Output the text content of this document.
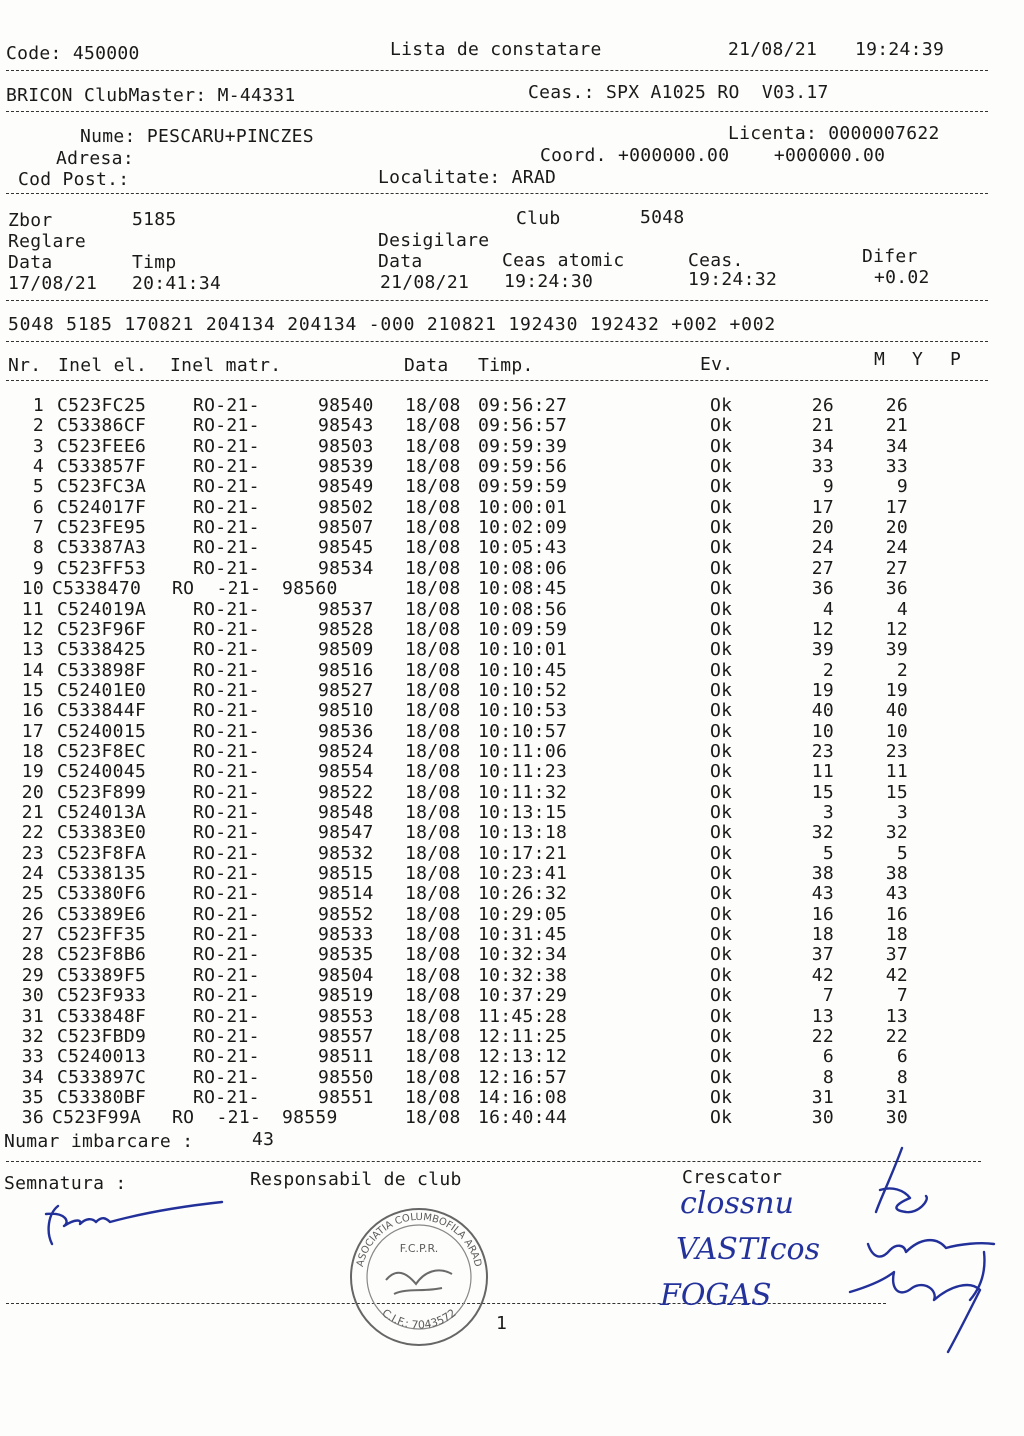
Code: 450000	Lista de constatare	21/08/21 19:24:39
BRICON ClubMaster: M-44331	Ceas.: SPX A1025 RO  V03.17
Nume: PESCARU+PINCZES	Licenta: 0000007622
Adresa:	Coord. +000000.00    +000000.00
Cod Post.:	Localitate: ARAD
Zbor	5185	Club	5048
Reglare	Desigilare
Data	Timp	Data	Ceas atomic	Ceas.	Difer
17/08/21 20:41:34	21/08/21 19:24:30	19:24:32	+0.02
5048 5185 170821 204134 204134 -000 210821 192430 192432 +002 +002
Nr. Inel el. Inel matr.	Data Timp.	Ev.	M Y P
1 C523FC25	RO-21-	98540 18/08 09:56:27	Ok	26	26
2 C53386CF	RO-21-	98543 18/08 09:56:57	Ok	21	21
3 C523FEE6	RO-21-	98503 18/08 09:59:39	Ok	34	34
4 C533857F	RO-21-	98539 18/08 09:59:56	Ok	33	33
5 C523FC3A	RO-21-	98549 18/08 09:59:59	Ok	9	9
6 C524017F	RO-21-	98502 18/08 10:00:01	Ok	17	17
7 C523FE95	RO-21-	98507 18/08 10:02:09	Ok	20	20
8 C53387A3	RO-21-	98545 18/08 10:05:43	Ok	24	24
9 C523FF53	RO-21-	98534 18/08 10:08:06	Ok	27	27
10 C5338470 RO  -21- 98560	18/08 10:08:45	Ok	36	36
11 C524019A	RO-21-	98537 18/08 10:08:56	Ok	4	4
12 C523F96F	RO-21-	98528 18/08 10:09:59	Ok	12	12
13 C5338425	RO-21-	98509 18/08 10:10:01	Ok	39	39
14 C533898F	RO-21-	98516 18/08 10:10:45	Ok	2	2
15 C52401E0	RO-21-	98527 18/08 10:10:52	Ok	19	19
16 C533844F	RO-21-	98510 18/08 10:10:53	Ok	40	40
17 C5240015	RO-21-	98536 18/08 10:10:57	Ok	10	10
18 C523F8EC	RO-21-	98524 18/08 10:11:06	Ok	23	23
19 C5240045	RO-21-	98554 18/08 10:11:23	Ok	11	11
20 C523F899	RO-21-	98522 18/08 10:11:32	Ok	15	15
21 C524013A	RO-21-	98548 18/08 10:13:15	Ok	3	3
22 C53383E0	RO-21-	98547 18/08 10:13:18	Ok	32	32
23 C523F8FA	RO-21-	98532 18/08 10:17:21	Ok	5	5
24 C5338135	RO-21-	98515 18/08 10:23:41	Ok	38	38
25 C53380F6	RO-21-	98514 18/08 10:26:32	Ok	43	43
26 C53389E6	RO-21-	98552 18/08 10:29:05	Ok	16	16
27 C523FF35	RO-21-	98533 18/08 10:31:45	Ok	18	18
28 C523F8B6	RO-21-	98535 18/08 10:32:34	Ok	37	37
29 C53389F5	RO-21-	98504 18/08 10:32:38	Ok	42	42
30 C523F933	RO-21-	98519 18/08 10:37:29	Ok	7	7
31 C533848F	RO-21-	98553 18/08 11:45:28	Ok	13	13
32 C523FBD9	RO-21-	98557 18/08 12:11:25	Ok	22	22
33 C5240013	RO-21-	98511 18/08 12:13:12	Ok	6	6
34 C533897C	RO-21-	98550 18/08 12:16:57	Ok	8	8
35 C53380BF	RO-21-	98551 18/08 14:16:08	Ok	31	31
36 C523F99A RO  -21- 98559	18/08 16:40:44	Ok	30	30
Numar imbarcare :	43
Semnatura :	Responsabil de club	Crescator
1
ASOCIATIA COLUMBOFILA ARAD
C.I.F.: 7043572
F.C.P.R.
clossnu
VASTIcos
FOGAS
